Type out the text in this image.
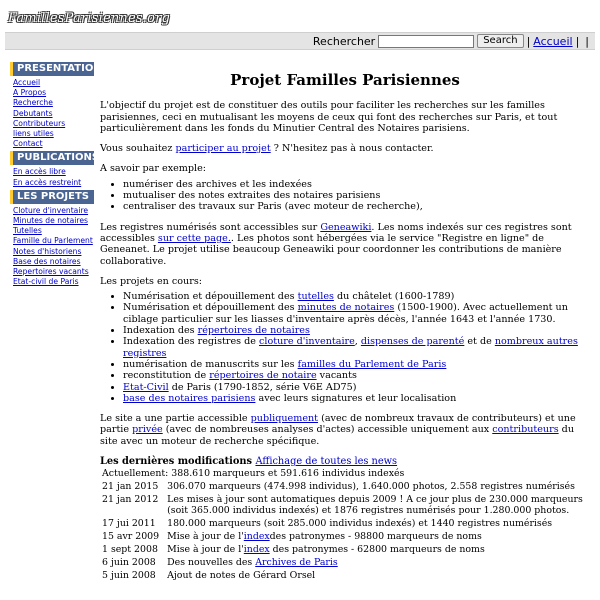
FamillesParisiennes.org
Rechercher	Search | Accueil | |
PRESENTATION
Accueil
A Propos
Recherche
Debutants
Contributeurs
liens utiles
Contact
PUBLICATIONS
En accès libre
En accès restreint
LES PROJETS
Cloture d'inventaire
Minutes de notaires
Tutelles
Famille du Parlement
Notes d'historiens
Base des notaires
Repertoires vacants
Etat-civil de Paris
Projet Familles Parisiennes

L'objectif du projet est de constituer des outils pour faciliter les recherches sur les familles parisiennes, ceci en mutualisant les moyens de ceux qui font des recherches sur Paris, et tout particulièrement dans les fonds du Minutier Central des Notaires parisiens.

Vous souhaitez participer au projet ? N'hesitez pas à nous contacter.

A savoir par exemple:

• numériser des archives et les indexées
• mutualiser des notes extraites des notaires parisiens
• centraliser des travaux sur Paris (avec moteur de recherche),

Les registres numérisés sont accessibles sur Geneawiki. Les noms indexés sur ces registres sont accessibles sur cette page.. Les photos sont hébergées via le service "Registre en ligne" de Geneanet. Le projet utilise beaucoup Geneawiki pour coordonner les contributions de manière collaborative.

Les projets en cours:

• Numérisation et dépouillement des tutelles du châtelet (1600-1789)
• Numérisation et dépouillement des minutes de notaires (1500-1900). Avec actuellement un ciblage particulier sur les liasses d'inventaire après décès, l'année 1643 et l'année 1730.
• Indexation des répertoires de notaires
• Indexation des registres de cloture d'inventaire, dispenses de parenté et de nombreux autres registres
• numérisation de manuscrits sur les familles du Parlement de Paris
• reconstitution de répertoires de notaire vacants
• Etat-Civil de Paris (1790-1852, série V6E AD75)
• base des notaires parisiens avec leurs signatures et leur localisation

Le site a une partie accessible publiquement (avec de nombreux travaux de contributeurs) et une partie privée (avec de nombreuses analyses d'actes) accessible uniquement aux contributeurs du site avec un moteur de recherche spécifique.

Les dernières modifications Affichage de toutes les news
Actuellement: 388.610 marqueurs et 591.616 individus indexés	
21 jan 2015	306.070 marqueurs (474.998 individus), 1.640.000 photos, 2.558 registres numérisés
21 jan 2012	Les mises à jour sont automatiques depuis 2009 ! A ce jour plus de 230.000 marqueurs (soit 365.000 individus indexés) et 1876 registres numérisés pour 1.280.000 photos.
17 jui 2011	180.000 marqueurs (soit 285.000 individus indexés) et 1440 registres numérisés
15 avr 2009	Mise à jour de l'indexdes patronymes - 98800 marqueurs de noms
1 sept 2008	Mise à jour de l'index des patronymes - 62800 marqueurs de noms
6 juin 2008	Des nouvelles des Archives de Paris
5 juin 2008	Ajout de notes de Gérard Orsel
